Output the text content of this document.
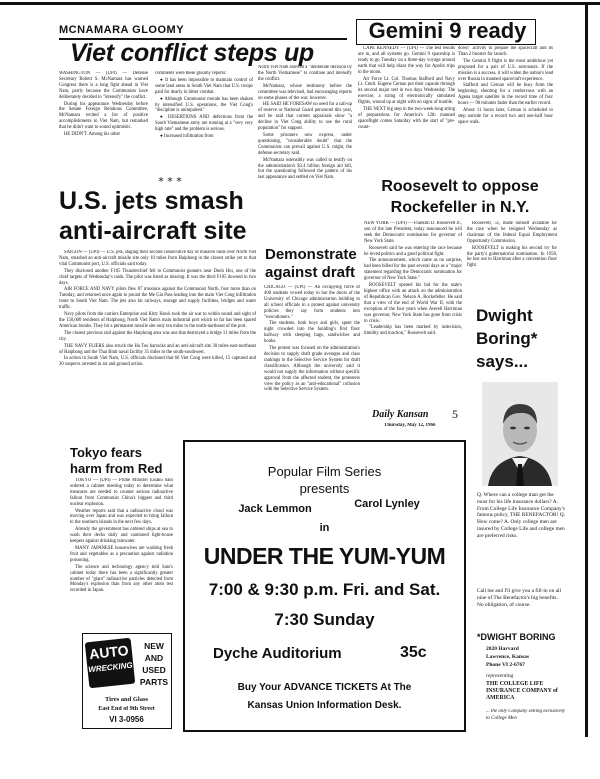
MCNAMARA GLOOMY
Viet conflict steps up

WASHINGTON — (UPI) — Defense Secretary Robert S. McNamara has warned Congress there is a long fight ahead in Viet Nam, partly because the Communists have deliberately decided to "intensify" the conflict.

During his appearance Wednesday before the Senate Foreign Relations Committee, McNamara recited a list of positive accomplishments in Viet Nam, but remarked that he didn't want to sound optimistic.

HE DIDN'T. Among his other

comments were these gloomy reports:

● It has been impossible to maintain control of some land areas in South Viet Nam that U.S. troops paid for dearly in bitter combat.

● Although Communist morale has been shaken by intensified U.S. operations, the Viet Cong's "discipline is unimpaired."

● DESERTIONS AND defections from the South Vietnamese army are running at a "very very high rate" and the problem is serious.

● Increased infiltration from

North Viet Nam showed a "deliberate decision by the North Vietnamese" to continue and intensify the conflict.

McNamara, whose testimony before the committee was televised, had encouraging reports on some phases of the war, however.

HE SAID HE FORESAW no need for a call-up of reserve or National Guard personnel this year, and he said that current appraisals show "a decline in Viet Cong ability to use the rural population" for support.

Some prisoners now express, under questioning, "considerable doubt" that the Communists can prevail against U.S. might, the defense secretary said.

McNamara ostensibly was called to testify on the administration's $3.4 billion foreign aid bill, but the questioning followed the pattern of his last appearance and settled on Viet Nam.

* * *
U.S. jets smash anti-aircraft site

SAIGON — (UPI) — U.S. jets, staging their second consecutive day of massive raids over North Viet Nam, smashed an anti-aircraft missile site only 10 miles from Haiphong in the closest strike yet to that vital Communist port, U.S. officials said today.

They disclosed another F105 Thunderchief fell to Communist gunners near Donh Hoi, one of the chief targets of Wednesday's raids. The pilot was listed as missing. It was the third F105 downed in two days.

AIR FORCE AND NAVY pilots flew 87 missions against the Communist North, four more than on Tuesday, and returned once again to pound the Me Gia Pass leading into the main Viet Cong infiltration route to South Viet Nam. The jets also hit railways, storage and supply facilities, bridges and water traffic.

Navy pilots from the carriers Enterprise and Kitty Hawk took the air war to within sound and sight of the 150,000 residents of Haiphong, North Viet Nam's main industrial port which so far has been spared American bombs. They hit a permanent missile site only ten miles to the north-northeast of the port.

The closest previous raid against the Haiphong area was one that destroyed a bridge 11 miles from the city.

THE NAVY FLIERS also struck the Ha Tou barracks and an anti-aircraft site 30 miles east-northeast of Haiphong and the Thai Binh naval facility 35 miles to the south-southwest.

In action in South Viet Nam, U.S. officials disclosed that 66 Viet Cong were killed, 15 captured and 30 suspects arrested in air and ground action.

Tokyo fears harm from Red

TOKYO — (UPI) — Prime Minister Eisaku Sato ordered a cabinet meeting today to determine what measures are needed to counter serious radioactive fallout from Communist China's biggest and third nuclear explosion.

Weather reports said that a radioactive cloud was moving over Japan and was expected to bring fallout to the southern islands in the next few days.

Already the government has ordered ships at sea to wash their decks daily and cautioned light-house keepers against drinking rainwater.

MANY JAPANESE housewives are washing fresh fruit and vegetables as a precaution against radiation poisoning.

The science and technology agency told Sato's cabinet today there has been a significantly greater number of "giant" radioactive particles detected from Monday's explosion than from any other atom test recorded in Japan.

AUTO
WRECKING
NEW AND USED PARTS
Tires and Glass
East End of 9th Street
VI 3-0956
Gemini 9 ready

CAPE KENNEDY — (UPI) — The test results are in, and all systems go. Gemini 9 spaceship is ready to go Tuesday on a three-day voyage around earth that will help blaze the way for Apollo trips to the moon.

Air Force Lt. Col. Thomas Stafford and Navy Lt. Cmdr. Eugene Cernan put their capsule through its second major test in two days Wednesday. The exercise, a string of electronically simulated flights, wound up at night with no signs of trouble.

THE NEXT big step in the two-week-long string of preparations for America's 12th manned spaceflight comes Saturday with the start of "pre-count-

down" activity to prepare the spacecraft and its Titan 2 booster for launch.

The Gemini 9 flight is the most ambitious yet proposed for a pair of U.S. astronauts. If the mission is a success, it will widen the nation's lead over Russia in manned spacecraft experience.

Stafford and Cernan will be busy from the beginning, shooting for a rendezvous with an Agena target satellite in the record time of four hours — 90 minutes faster than the earlier record.

About 11 hours later, Cernan is scheduled to step outside for a record two and one-half hour space walk.

Roosevelt to oppose Rockefeller in N.Y.

NEW YORK — (UPI) — Franklin D. Roosevelt Jr., son of the late President, today announced he will seek the Democratic nomination for governor of New York State.

Roosevelt said he was entering the race because he loved politics and a good political fight.

The announcement, which came as no surprise, had been billed for the past several days as a "major statement regarding the Democratic nomination for governor of New York State."

ROOSEVELT opened his bid for the state's highest office with an attack on the administration of Republican Gov. Nelson A. Rockefeller. He said that a view of the end of World War II, with the exception of the four years when Averell Harriman was governor, New York State has gone from crisis to crisis.

"Leadership has been marked by indecision, timidity and inaction," Roosevelt said.

Roosevelt, 51, made himself available for the race when he resigned Wednesday as chairman of the federal Equal Employment Opportunity Commission.

ROOSEVELT is making his second try for the party's gubernatorial nomination. In 1958, he lost out to Harriman after a convention floor fight.

Demonstrate against draft

CHICAGO — (UPI) — An occupying force of 400 students vowed today to bar the doors of the University of Chicago administration building to all school officials in a protest against university policies they say form students into "executioners."

The students, both boys and girls, spent the night crowded into the building's first floor hallway with sleeping bags, sandwiches and books.

The protest was focused on the administration's decision to supply draft grade averages and class rankings to the Selective Service System for draft classification. Although the university said it would not supply the information without specific approval from the affected student, the protesters view the policy as an "anti-educational" collusion with the Selective Service System.

Daily Kansan	5
Thursday, May 12, 1966
Popular Film Series
presents
Jack Lemmon	Carol Lynley
in
UNDER THE YUM-YUM
7:00 & 9:30 p.m. Fri. and Sat.
7:30 Sunday
Dyche Auditorium	35c
Buy Your ADVANCE TICKETS At The
Kansas Union Information Desk.
Dwight
Boring*
says...
Q. Where can a college man get the most for his life insurance dollars? A. From College Life Insurance Company's famous policy, THE BENEFACTOR! Q. How come? A. Only college men are insured by College Life and college men are preferred risks.
Call me and I'll give you a fill-in on all nine of The Benefactor's big benefits. No obligation, of course.
*DWIGHT BORING
2020 Harvard
Lawrence, Kansas
Phone VI 2-6767
representing
THE COLLEGE LIFE INSURANCE COMPANY of AMERICA
... the only Company selling exclusively to College Men
